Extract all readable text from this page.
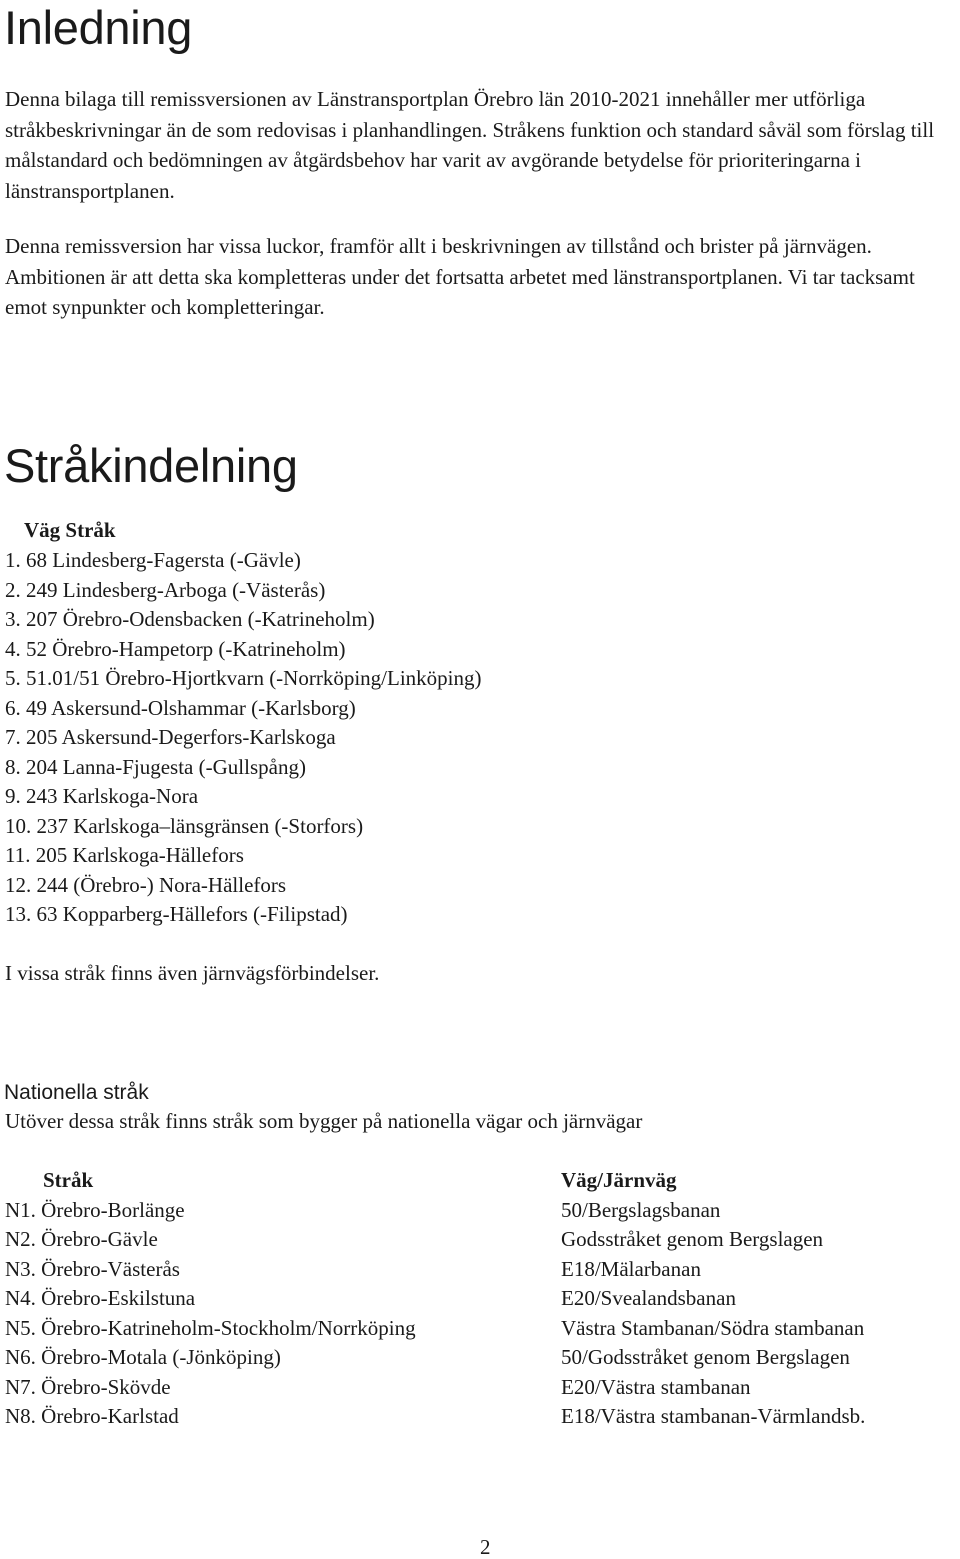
Inledning

Denna bilaga till remissversionen av Länstransportplan Örebro län 2010-2021 innehåller mer utförliga stråkbeskrivningar än de som redovisas i planhandlingen. Stråkens funktion och standard såväl som förslag till målstandard och bedömningen av åtgärdsbehov har varit av avgörande betydelse för prioriteringarna i länstransportplanen.

Denna remissversion har vissa luckor, framför allt i beskrivningen av tillstånd och brister på järnvägen. Ambitionen är att detta ska kompletteras under det fortsatta arbetet med länstransportplanen. Vi tar tacksamt emot synpunkter och kompletteringar.

Stråkindelning
Väg Stråk
1. 68 Lindesberg-Fagersta (-Gävle)
2. 249 Lindesberg-Arboga (-Västerås)
3. 207 Örebro-Odensbacken (-Katrineholm)
4. 52 Örebro-Hampetorp (-Katrineholm)
5. 51.01/51 Örebro-Hjortkvarn (-Norrköping/Linköping)
6. 49 Askersund-Olshammar (-Karlsborg)
7. 205 Askersund-Degerfors-Karlskoga
8. 204 Lanna-Fjugesta (-Gullspång)
9. 243 Karlskoga-Nora
10. 237 Karlskoga–länsgränsen (-Storfors)
11. 205 Karlskoga-Hällefors
12. 244 (Örebro-) Nora-Hällefors
13. 63 Kopparberg-Hällefors (-Filipstad)
I vissa stråk finns även järnvägsförbindelser.
Nationella stråk
Utöver dessa stråk finns stråk som bygger på nationella vägar och järnvägar
Stråk	Väg/Järnväg
N1. Örebro-Borlänge	50/Bergslagsbanan
N2. Örebro-Gävle	Godsstråket genom Bergslagen
N3. Örebro-Västerås	E18/Mälarbanan
N4. Örebro-Eskilstuna	E20/Svealandsbanan
N5. Örebro-Katrineholm-Stockholm/Norrköping	Västra Stambanan/Södra stambanan
N6. Örebro-Motala (-Jönköping)	50/Godsstråket genom Bergslagen
N7. Örebro-Skövde	E20/Västra stambanan
N8. Örebro-Karlstad	E18/Västra stambanan-Värmlandsb.
2
